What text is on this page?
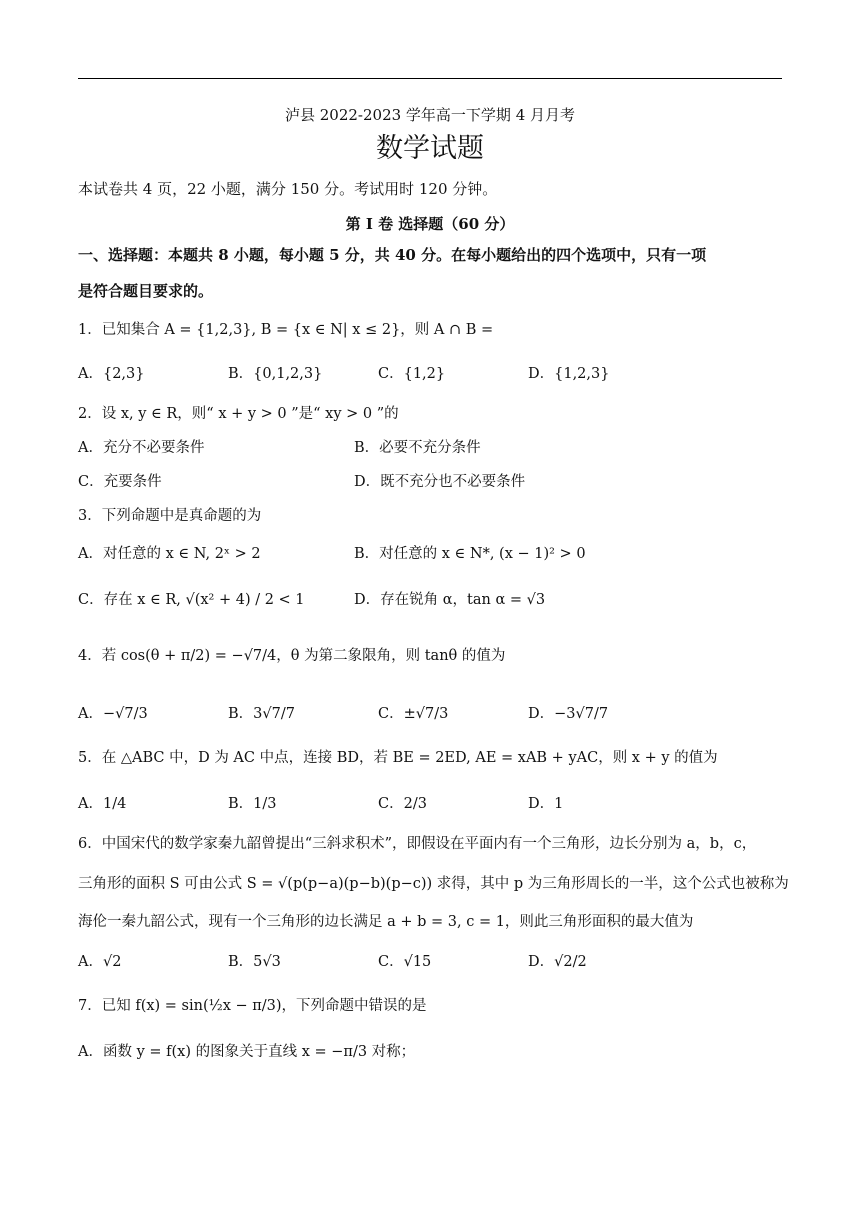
泸县 2022-2023 学年高一下学期 4 月月考
数学试题
本试卷共 4 页，22 小题，满分 150 分。考试用时 120 分钟。
第 I 卷 选择题（60 分）
一、选择题：本题共 8 小题，每小题 5 分，共 40 分。在每小题给出的四个选项中，只有一项
是符合题目要求的。
1．已知集合 A = {1,2,3}, B = {x ∈ N| x ≤ 2}，则 A ∩ B =
A．{2,3}	B．{0,1,2,3}	C．{1,2}	D．{1,2,3}
2．设 x, y ∈ R，则“ x + y > 0 ”是“ xy > 0 ”的
A．充分不必要条件	B．必要不充分条件
C．充要条件	D．既不充分也不必要条件
3．下列命题中是真命题的为
A．对任意的 x ∈ N, 2ˣ > 2	B．对任意的 x ∈ N*, (x − 1)² > 0
C．存在 x ∈ R, √(x² + 4) / 2 < 1	D．存在锐角 α，tan α = √3
4．若 cos(θ + π/2) = −√7/4，θ 为第二象限角，则 tanθ 的值为
A．−√7/3	B．3√7/7	C．±√7/3	D．−3√7/7
5．在 △ABC 中，D 为 AC 中点，连接 BD，若 BE = 2ED, AE = xAB + yAC，则 x + y 的值为
A．1/4	B．1/3	C．2/3	D．1
6．中国宋代的数学家秦九韶曾提出“三斜求积术”，即假设在平面内有一个三角形，边长分别为 a，b，c，
三角形的面积 S 可由公式 S = √(p(p−a)(p−b)(p−c)) 求得，其中 p 为三角形周长的一半，这个公式也被称为
海伦一秦九韶公式，现有一个三角形的边长满足 a + b = 3, c = 1，则此三角形面积的最大值为
A．√2	B．5√3	C．√15	D．√2/2
7．已知 f(x) = sin(½x − π/3)，下列命题中错误的是
A．函数 y = f(x) 的图象关于直线 x = −π/3 对称；
